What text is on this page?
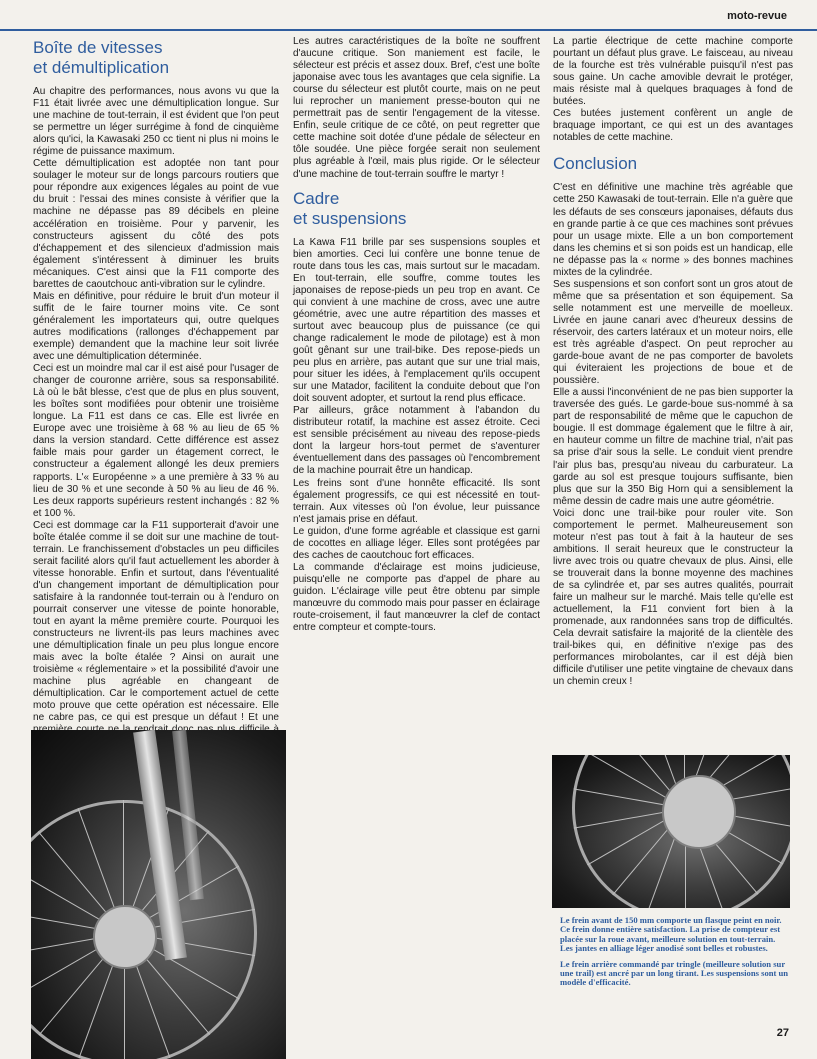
moto-revue
Boîte de vitesses
et démultiplication

Au chapitre des performances, nous avons vu que la F11 était livrée avec une démultiplication longue. Sur une machine de tout-terrain, il est évident que l'on peut se permettre un léger surrégime à fond de cinquième alors qu'ici, la Kawasaki 250 cc tient ni plus ni moins le régime de puissance maximum.

Cette démultiplication est adoptée non tant pour soulager le moteur sur de longs parcours routiers que pour répondre aux exigences légales au point de vue du bruit : l'essai des mines consiste à vérifier que la machine ne dépasse pas 89 décibels en pleine accélération en troisième. Pour y parvenir, les constructeurs agissent du côté des pots d'échappement et des silencieux d'admission mais également s'intéressent à diminuer les bruits mécaniques. C'est ainsi que la F11 comporte des barettes de caoutchouc anti-vibration sur le cylindre.

Mais en définitive, pour réduire le bruit d'un moteur il suffit de le faire tourner moins vite. Ce sont généralement les importateurs qui, outre quelques autres modifications (rallonges d'échappement par exemple) demandent que la machine leur soit livrée avec une démultiplication déterminée.

Ceci est un moindre mal car il est aisé pour l'usager de changer de couronne arrière, sous sa responsabilité. Là où le bât blesse, c'est que de plus en plus souvent, les boîtes sont modifiées pour obtenir une troisième longue. La F11 est dans ce cas. Elle est livrée en Europe avec une troisième à 68 % au lieu de 65 % dans la version standard. Cette différence est assez faible mais pour garder un étagement correct, le constructeur a également allongé les deux premiers rapports. L'« Européenne » a une première à 33 % au lieu de 30 % et une seconde à 50 % au lieu de 46 %. Les deux rapports supérieurs restent inchangés : 82 % et 100 %.

Ceci est dommage car la F11 supporterait d'avoir une boîte étalée comme il se doit sur une machine de tout-terrain. Le franchissement d'obstacles un peu difficiles serait facilité alors qu'il faut actuellement les aborder à vitesse honorable. Enfin et surtout, dans l'éventualité d'un changement important de démultiplication pour satisfaire à la randonnée tout-terrain ou à l'enduro on pourrait conserver une vitesse de pointe honorable, tout en ayant la même première courte. Pourquoi les constructeurs ne livrent-ils pas leurs machines avec une démultiplication finale un peu plus longue encore mais avec la boîte étalée ? Ainsi on aurait une troisième « réglementaire » et la possibilité d'avoir une machine plus agréable en changeant de démultiplication. Car le comportement actuel de cette moto prouve que cette opération est nécessaire. Elle ne cabre pas, ce qui est presque un défaut ! Et une

Les autres caractéristiques de la boîte ne souffrent d'aucune critique. Son maniement est facile, le sélecteur est précis et assez doux. Bref, c'est une boîte japonaise avec tous les avantages que cela signifie. La course du sélecteur est plutôt courte, mais on ne peut lui reprocher un maniement presse-bouton qui ne permettrait pas de sentir l'engagement de la vitesse. Enfin, seule critique de ce côté, on peut regretter que cette machine soit dotée d'une pédale de sélecteur en tôle soudée. Une pièce forgée serait non seulement plus agréable à l'œil, mais plus rigide. Or le sélecteur d'une machine de tout-terrain souffre le martyr !

Cadre
et suspensions

La Kawa F11 brille par ses suspensions souples et bien amorties. Ceci lui confère une bonne tenue de route dans tous les cas, mais surtout sur le macadam. En tout-terrain, elle souffre, comme toutes les japonaises de repose-pieds un peu trop en avant. Ce qui convient à une machine de cross, avec une autre géométrie, avec une autre répartition des masses et surtout avec beaucoup plus de puissance (ce qui change radicalement le mode de pilotage) est à mon goût gênant sur une trail-bike. Des repose-pieds un peu plus en arrière, pas autant que sur une trial mais, pour situer les idées, à l'emplacement qu'ils occupent sur une Matador, facilitent la conduite debout que l'on doit souvent adopter, et surtout la rend plus efficace.

Par ailleurs, grâce notamment à l'abandon du distributeur rotatif, la machine est assez étroite. Ceci est sensible précisément au niveau des repose-pieds dont la largeur hors-tout permet de s'aventurer éventuellement dans des passages où l'encombrement de la machine pourrait être un handicap.

Les freins sont d'une honnête efficacité. Ils sont également progressifs, ce qui est nécessité en tout-terrain. Aux vitesses où l'on évolue, leur puissance n'est jamais prise en défaut.

Le guidon, d'une forme agréable et classique est garni de cocottes en alliage léger. Elles sont protégées par des caches de caoutchouc fort efficaces.

La commande d'éclairage est moins judicieuse, puisqu'elle ne comporte pas d'appel de phare au guidon. L'éclairage ville peut être obtenu par simple manœuvre du commodo mais pour passer en éclairage route-croisement, il faut manœuvrer la clef de contact entre compteur et compte-tours.

La partie électrique de cette machine comporte pourtant un défaut plus grave. Le faisceau, au niveau de la fourche est très vulnérable puisqu'il n'est pas sous gaine. Un cache amovible devrait le protéger, mais résiste mal à quelques braquages à fond de butées.

Ces butées justement confèrent un angle de braquage important, ce qui est un des avantages notables de cette machine.

Conclusion

C'est en définitive une machine très agréable que cette 250 Kawasaki de tout-terrain. Elle n'a guère que les défauts de ses consœurs japonaises, défauts dus en grande partie à ce que ces machines sont prévues pour un usage mixte. Elle a un bon comportement dans les chemins et si son poids est un handicap, elle ne dépasse pas la « norme » des bonnes machines mixtes de la cylindrée.

Ses suspensions et son confort sont un gros atout de même que sa présentation et son équipement. Sa selle notamment est une merveille de moelleux. Livrée en jaune canari avec d'heureux dessins de réservoir, des carters latéraux et un moteur noirs, elle est très agréable d'aspect. On peut reprocher au garde-boue avant de ne pas comporter de bavolets qui éviteraient les projections de boue et de poussière.

Elle a aussi l'inconvénient de ne pas bien supporter la traversée des gués. Le garde-boue sus-nommé à sa part de responsabilité de même que le capuchon de bougie. Il est dommage également que le filtre à air, en hauteur comme un filtre de machine trial, n'ait pas sa prise d'air sous la selle. Le conduit vient prendre l'air plus bas, presqu'au niveau du carburateur. La garde au sol est presque toujours suffisante, bien plus que sur la 350 Big Horn qui a sensiblement la même dessin de cadre mais une autre géométrie.

Voici donc une trail-bike pour rouler vite. Son comportement le permet. Malheureusement son moteur n'est pas tout à fait à la hauteur de ses ambitions. Il serait heureux que le constructeur la livre avec trois ou quatre chevaux de plus. Ainsi, elle se trouverait dans la bonne moyenne des machines de sa cylindrée et, par ses autres qualités, pourrait faire un malheur sur le marché. Mais telle qu'elle est actuellement, la F11 convient fort bien à la promenade, aux randonnées sans trop de difficultés. Cela devrait satisfaire la majorité de la clientèle des trail-bikes qui, en définitive n'exige pas des performances mirobolantes, car il est déjà bien difficile d'utiliser une petite vingtaine de chevaux dans un chemin creux !

Le frein avant de 150 mm comporte un flasque peint en noir. Ce frein donne entière satisfaction. La prise de compteur est placée sur la roue avant, meilleure solution en tout-terrain. Les jantes en alliage léger anodisé sont belles et robustes.

Le frein arrière commandé par tringle (meilleure solution sur une trail) est ancré par un long tirant. Les suspensions sont un modèle d'efficacité.

27
